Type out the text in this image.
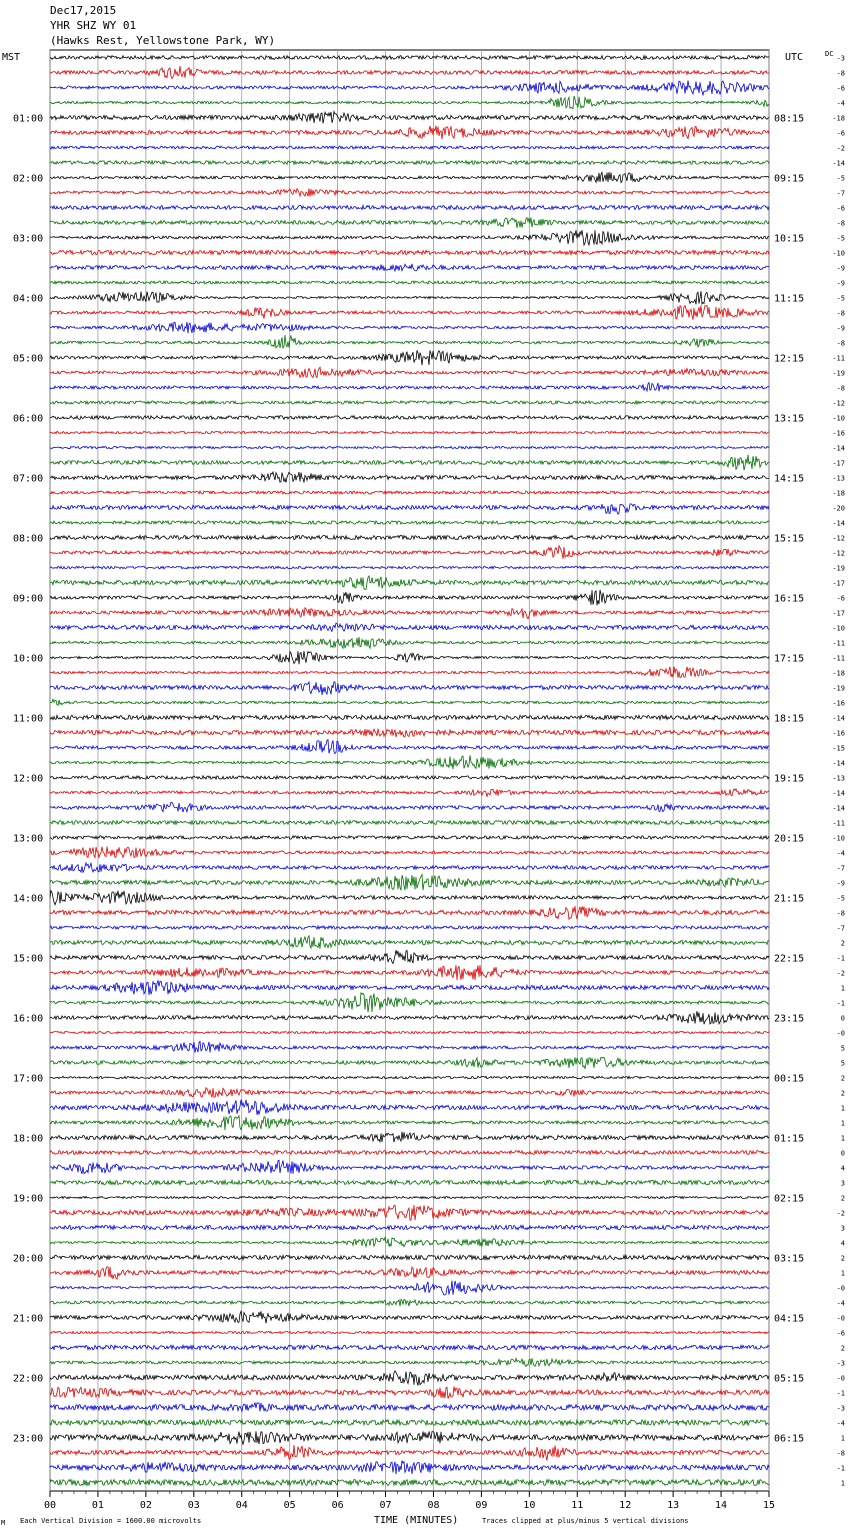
Dec17,2015
YHR SHZ WY 01
(Hawks Rest, Yellowstone Park, WY)
00	01	02	03	04	05	06	07	08	09	10	11	12	13	14	15
MST	UTC
01:00	08:15
02:00	09:15
03:00	10:15
04:00	11:15
05:00	12:15
06:00	13:15
07:00	14:15
08:00	15:15
09:00	16:15
10:00	17:15
11:00	18:15
12:00	19:15
13:00	20:15
14:00	21:15
15:00	22:15
16:00	23:15
17:00	00:15
18:00	01:15
19:00	02:15
20:00	03:15
21:00	04:15
22:00	05:15
23:00	06:15
DC
-3
-8
-6
-4
-18
-6
-2
-14
-5
-7
-6
-8
-5
-10
-9
-9
-5
-8
-9
-8
-11
-19
-8
-12
-10
-16
-14
-17
-13
-18
-20
-14
-12
-12
-19
-17
-6
-17
-10
-11
-11
-18
-19
-16
-14
-16
-15
-14
-13
-14
-14
-11
-10
-4
-7
-9
-5
-8
-7
2
-1
-2
1
-1
0
-0
5
5
2
2
1
1
1
0
4
3
2
-2
3
4
2
1
-0
-4
-0
-6
2
-3
-0
-1
-3
-4
1
-8
-1
1
Each Vertical Division = 1600.00 microvolts
M	TIME (MINUTES)	Traces clipped at plus/minus 5 vertical divisions
